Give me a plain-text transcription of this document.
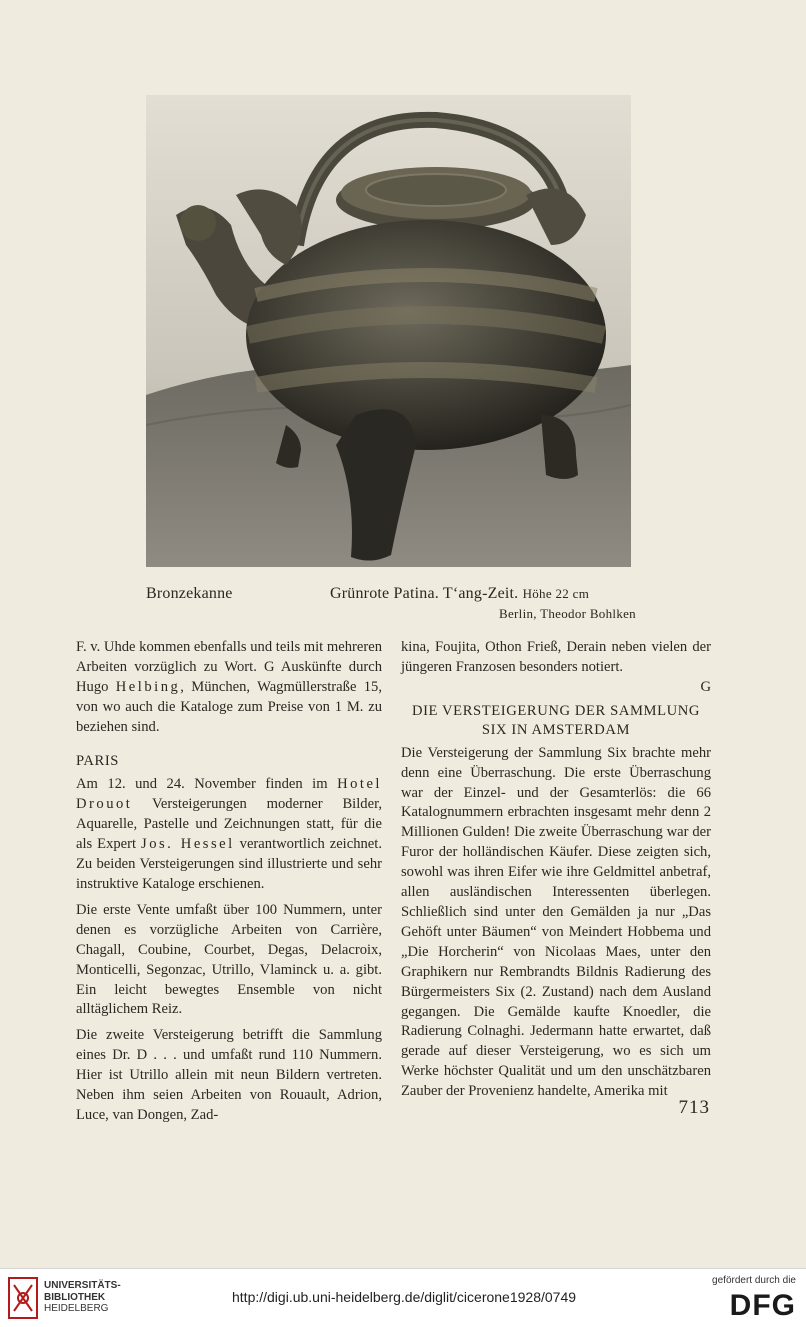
Bronzekanne	Grünrote Patina. T‘ang-Zeit. Höhe 22 cm
Berlin, Theodor Bohlken

F. v. Uhde kommen ebenfalls und teils mit mehreren Arbeiten vorzüglich zu Wort. G Auskünfte durch Hugo Helbing, München, Wagmüllerstraße 15, von wo auch die Kataloge zum Preise von 1 M. zu beziehen sind.

PARIS

Am 12. und 24. November finden im Hotel Drouot Versteigerungen moderner Bilder, Aquarelle, Pastelle und Zeichnungen statt, für die als Expert Jos. Hessel verantwortlich zeichnet. Zu beiden Versteigerungen sind illustrierte und sehr instruktive Kataloge erschienen.

Die erste Vente umfaßt über 100 Nummern, unter denen es vorzügliche Arbeiten von Carrière, Chagall, Coubine, Courbet, Degas, Delacroix, Monticelli, Segonzac, Utrillo, Vlaminck u. a. gibt. Ein leicht bewegtes Ensemble von nicht alltäglichem Reiz.

Die zweite Versteigerung betrifft die Sammlung eines Dr. D . . . und umfaßt rund 110 Nummern. Hier ist Utrillo allein mit neun Bildern vertreten. Neben ihm seien Arbeiten von Rouault, Adrion, Luce, van Dongen, Zad-

kina, Foujita, Othon Frieß, Derain neben vielen der jüngeren Franzosen besonders notiert.

G

DIE VERSTEIGERUNG DER SAMMLUNG

SIX IN AMSTERDAM

Die Versteigerung der Sammlung Six brachte mehr denn eine Überraschung. Die erste Überraschung war der Einzel- und der Gesamterlös: die 66 Katalognummern erbrachten insgesamt mehr denn 2 Millionen Gulden! Die zweite Überraschung war der Furor der holländischen Käufer. Diese zeigten sich, sowohl was ihren Eifer wie ihre Geldmittel anbetraf, allen ausländischen Interessenten überlegen. Schließlich sind unter den Gemälden ja nur „Das Gehöft unter Bäumen“ von Meindert Hobbema und „Die Horcherin“ von Nicolaas Maes, unter den Graphikern nur Rembrandts Bildnis Radierung des Bürgermeisters Six (2. Zustand) nach dem Ausland gegangen. Die Gemälde kaufte Knoedler, die Radierung Colnaghi. Jedermann hatte erwartet, daß gerade auf dieser Versteigerung, wo es sich um Werke höchster Qualität und um den unschätzbaren Zauber der Provenienz handelte, Amerika mit

713
UNIVERSITÄTS-
BIBLIOTHEK
HEIDELBERG
http://digi.ub.uni-heidelberg.de/diglit/cicerone1928/0749
gefördert durch die
DFG
